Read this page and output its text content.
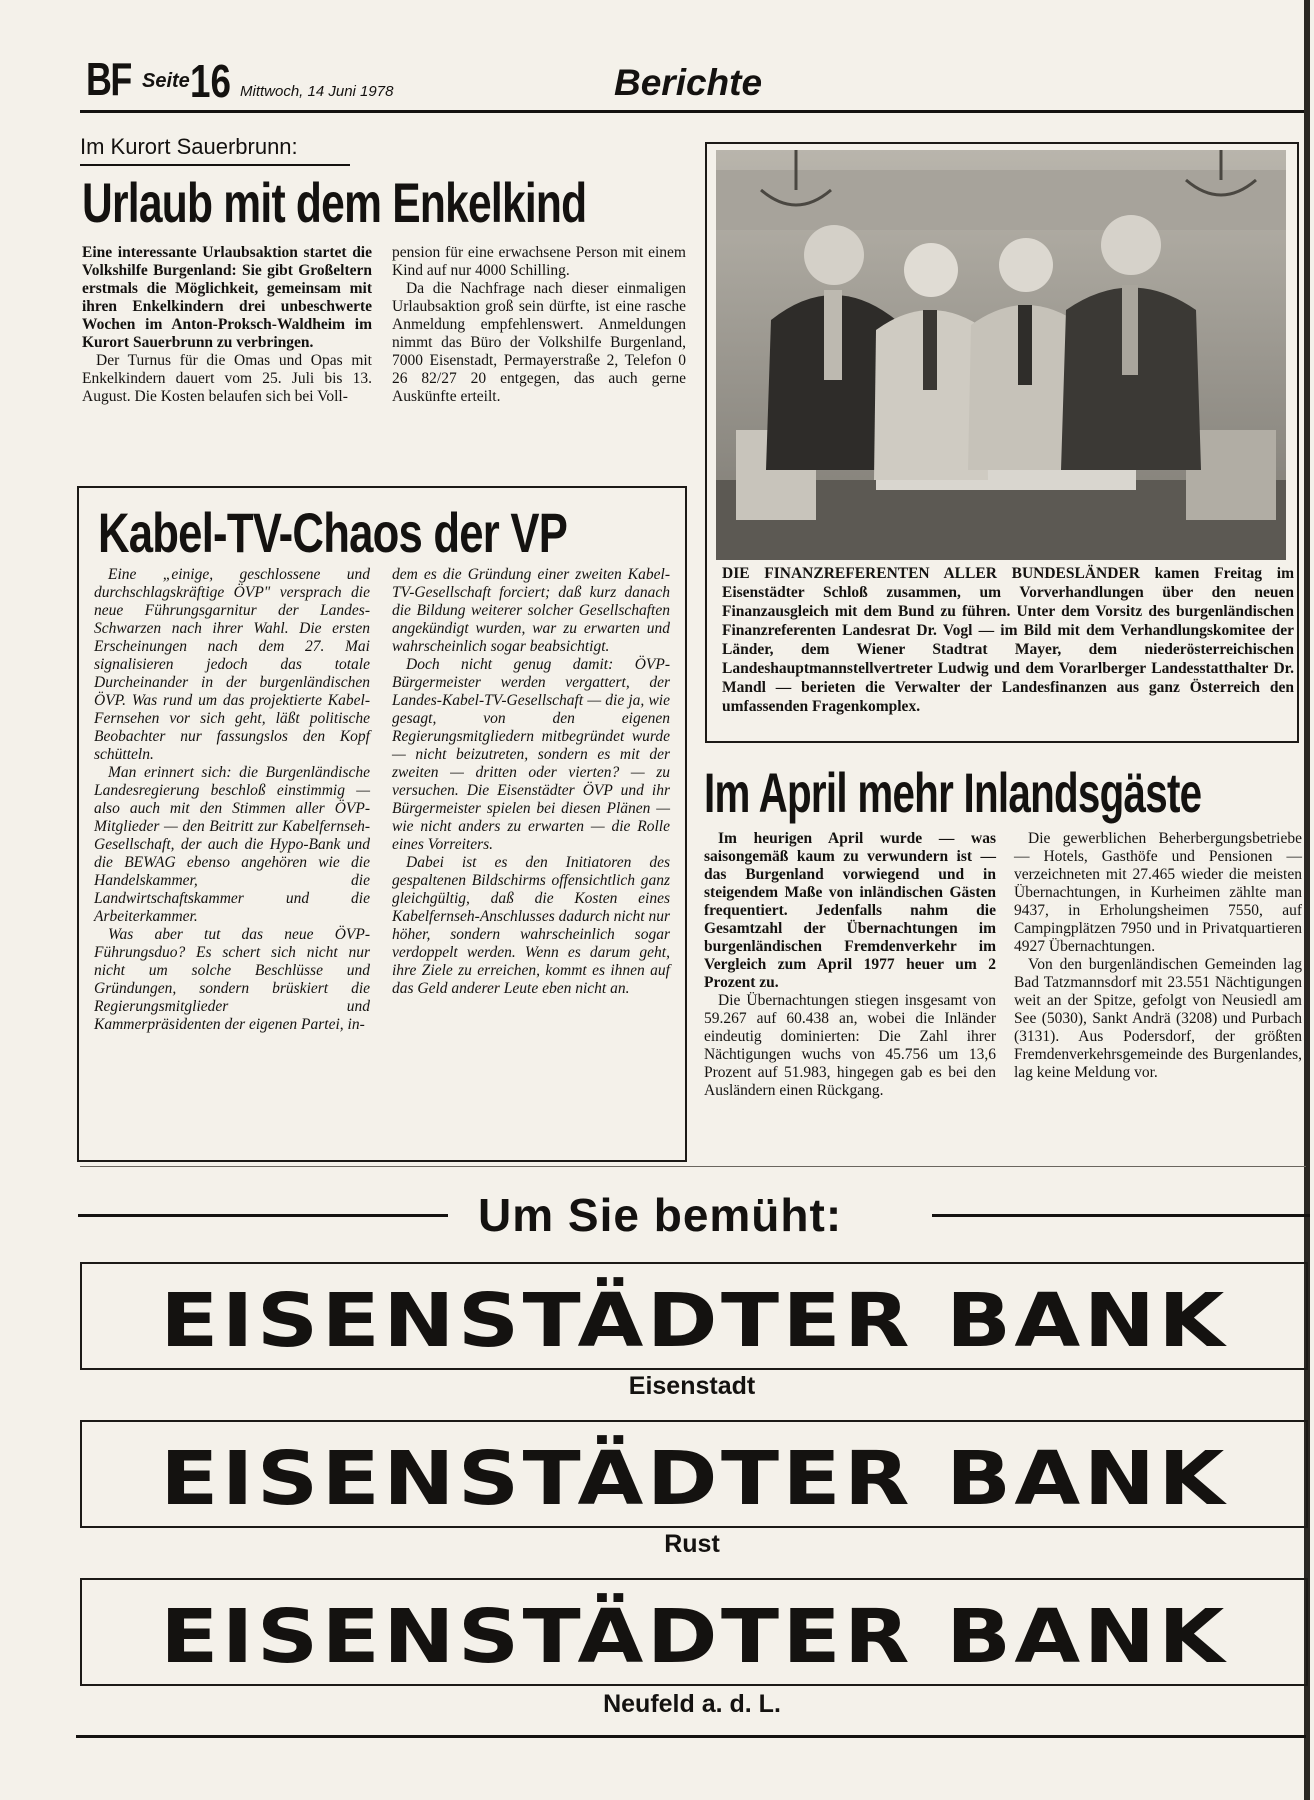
BF Seite 16 Mittwoch, 14 Juni 1978	Berichte
Im Kurort Sauerbrunn:
Urlaub mit dem Enkelkind

Eine interessante Urlaubsaktion startet die Volkshilfe Burgenland: Sie gibt Großeltern erstmals die Möglichkeit, gemeinsam mit ihren Enkelkindern drei unbeschwerte Wochen im Anton-Proksch-Waldheim im Kurort Sauerbrunn zu verbringen.

Der Turnus für die Omas und Opas mit Enkelkindern dauert vom 25. Juli bis 13. August. Die Kosten belaufen sich bei Voll-

pension für eine erwachsene Person mit einem Kind auf nur 4000 Schilling.

Da die Nachfrage nach dieser einmaligen Urlaubsaktion groß sein dürfte, ist eine rasche Anmeldung empfehlenswert. Anmeldungen nimmt das Büro der Volkshilfe Burgenland, 7000 Eisenstadt, Permayerstraße 2, Telefon 0 26 82/27 20 entgegen, das auch gerne Auskünfte erteilt.

Kabel-TV-Chaos der VP

Eine „einige, geschlossene und durchschlagskräftige ÖVP" versprach die neue Führungsgarnitur der Landes-Schwarzen nach ihrer Wahl. Die ersten Erscheinungen nach dem 27. Mai signalisieren jedoch das totale Durcheinander in der burgenländischen ÖVP. Was rund um das projektierte Kabel-Fernsehen vor sich geht, läßt politische Beobachter nur fassungslos den Kopf schütteln.

Man erinnert sich: die Burgenländische Landesregierung beschloß einstimmig — also auch mit den Stimmen aller ÖVP-Mitglieder — den Beitritt zur Kabelfernseh-Gesellschaft, der auch die Hypo-Bank und die BEWAG ebenso angehören wie die Handelskammer, die Landwirtschaftskammer und die Arbeiterkammer.

Was aber tut das neue ÖVP-Führungsduo? Es schert sich nicht nur nicht um solche Beschlüsse und Gründungen, sondern brüskiert die Regierungsmitglieder und Kammerpräsidenten der eigenen Partei, in-

dem es die Gründung einer zweiten Kabel-TV-Gesellschaft forciert; daß kurz danach die Bildung weiterer solcher Gesellschaften angekündigt wurden, war zu erwarten und wahrscheinlich sogar beabsichtigt.

Doch nicht genug damit: ÖVP-Bürgermeister werden vergattert, der Landes-Kabel-TV-Gesellschaft — die ja, wie gesagt, von den eigenen Regierungsmitgliedern mitbegründet wurde — nicht beizutreten, sondern es mit der zweiten — dritten oder vierten? — zu versuchen. Die Eisenstädter ÖVP und ihr Bürgermeister spielen bei diesen Plänen — wie nicht anders zu erwarten — die Rolle eines Vorreiters.

Dabei ist es den Initiatoren des gespaltenen Bildschirms offensichtlich ganz gleichgültig, daß die Kosten eines Kabelfernseh-Anschlusses dadurch nicht nur höher, sondern wahrscheinlich sogar verdoppelt werden. Wenn es darum geht, ihre Ziele zu erreichen, kommt es ihnen auf das Geld anderer Leute eben nicht an.

DIE FINANZREFERENTEN ALLER BUNDESLÄNDER kamen Freitag im Eisenstädter Schloß zusammen, um Vorverhandlungen über den neuen Finanzausgleich mit dem Bund zu führen. Unter dem Vorsitz des burgenländischen Finanzreferenten Landesrat Dr. Vogl — im Bild mit dem Verhandlungskomitee der Länder, dem Wiener Stadtrat Mayer, dem niederösterreichischen Landeshauptmannstellvertreter Ludwig und dem Vorarlberger Landesstatthalter Dr. Mandl — berieten die Verwalter der Landesfinanzen aus ganz Österreich den umfassenden Fragenkomplex.
Im April mehr Inlandsgäste

Im heurigen April wurde — was saisongemäß kaum zu verwundern ist — das Burgenland vorwiegend und in steigendem Maße von inländischen Gästen frequentiert. Jedenfalls nahm die Gesamtzahl der Übernachtungen im burgenländischen Fremdenverkehr im Vergleich zum April 1977 heuer um 2 Prozent zu.

Die Übernachtungen stiegen insgesamt von 59.267 auf 60.438 an, wobei die Inländer eindeutig dominierten: Die Zahl ihrer Nächtigungen wuchs von 45.756 um 13,6 Prozent auf 51.983, hingegen gab es bei den Ausländern einen Rückgang.

Die gewerblichen Beherbergungsbetriebe — Hotels, Gasthöfe und Pensionen — verzeichneten mit 27.465 wieder die meisten Übernachtungen, in Kurheimen zählte man 9437, in Erholungsheimen 7550, auf Campingplätzen 7950 und in Privatquartieren 4927 Übernachtungen.

Von den burgenländischen Gemeinden lag Bad Tatzmannsdorf mit 23.551 Nächtigungen weit an der Spitze, gefolgt von Neusiedl am See (5030), Sankt Andrä (3208) und Purbach (3131). Aus Podersdorf, der größten Fremdenverkehrsgemeinde des Burgenlandes, lag keine Meldung vor.

Um Sie bemüht:
EISENSTÄDTER BANK
Eisenstadt
EISENSTÄDTER BANK
Rust
EISENSTÄDTER BANK
Neufeld a. d. L.
